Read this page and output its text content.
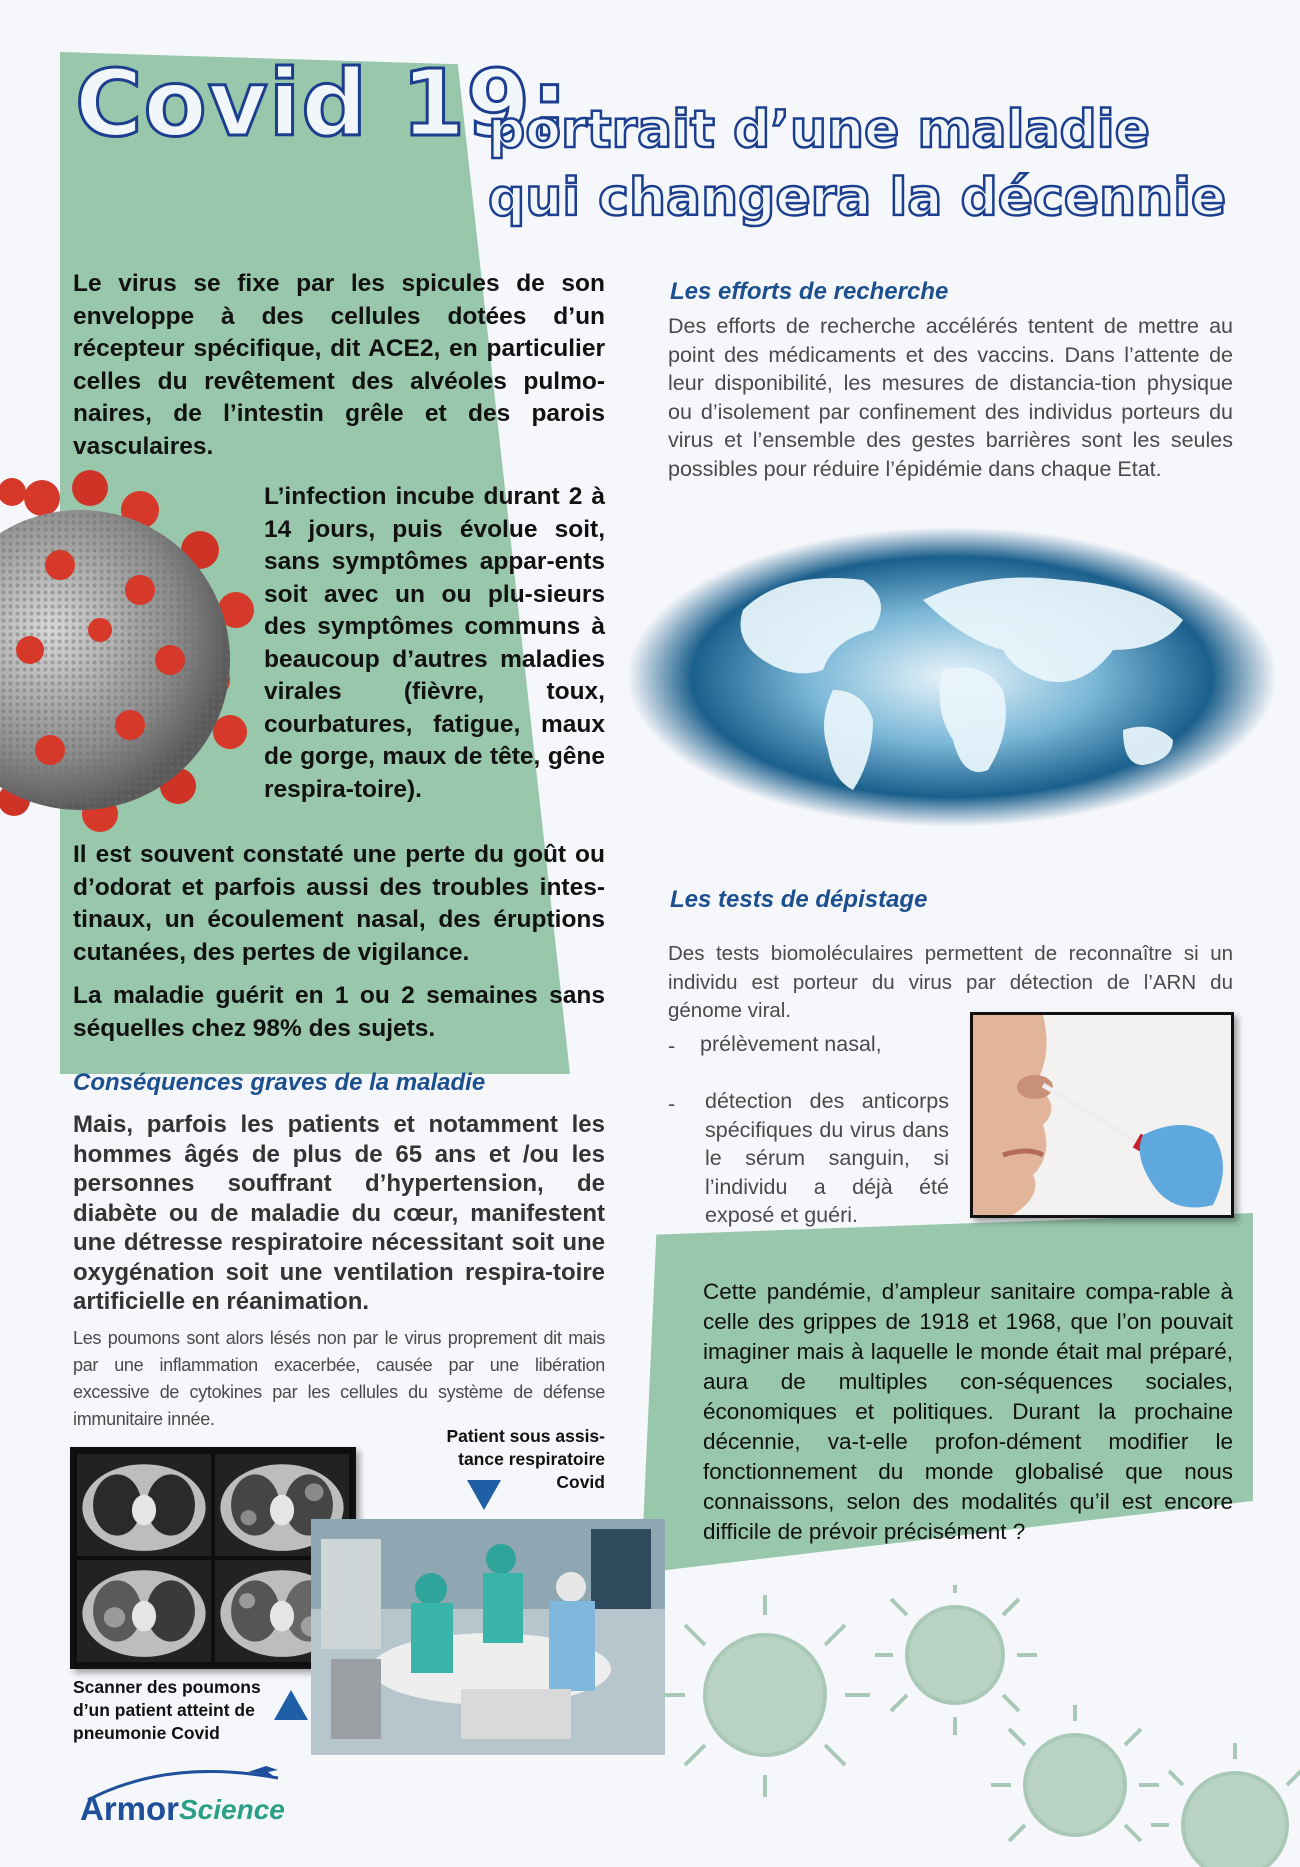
Covid 19:
portrait d’une maladie
qui changera la décennie

Le virus se fixe par les spicules de son enveloppe à des cellules dotées d’un récepteur spécifique, dit ACE2, en particulier celles du revêtement des alvéoles pulmo-naires, de l’intestin grêle et des parois vasculaires.

L’infection incube durant 2 à 14 jours, puis évolue soit, sans symptômes appar-ents soit avec un ou plu-sieurs des symptômes communs à beaucoup d’autres maladies virales (fièvre, toux, courbatures, fatigue, maux de gorge, maux de tête, gêne respira-toire).

Il est souvent constaté une perte du goût ou d’odorat et parfois aussi des troubles intes-tinaux, un écoulement nasal, des éruptions cutanées, des pertes de vigilance.

La maladie guérit en 1 ou 2 semaines sans séquelles chez 98% des sujets.

Conséquences graves de la maladie

Mais, parfois les patients et notamment les hommes âgés de plus de 65 ans et /ou les personnes souffrant d’hypertension, de diabète ou de maladie du cœur, manifestent une détresse respiratoire nécessitant soit une oxygénation soit une ventilation respira-toire artificielle en réanimation.

Les poumons sont alors lésés non par le virus proprement dit mais par une inflammation exacerbée, causée par une libération excessive de cytokines par les cellules du système de défense immunitaire innée.

Patient sous assis-tance respiratoire Covid
Scanner des poumons d’un patient atteint de pneumonie Covid
Armor Science

Les efforts de recherche

Des efforts de recherche accélérés tentent de mettre au point des médicaments et des vaccins. Dans l’attente de leur disponibilité, les mesures de distancia-tion physique ou d’isolement par confinement des individus porteurs du virus et l’ensemble des gestes barrières sont les seules possibles pour réduire l’épidémie dans chaque Etat.

Les tests de dépistage

Des tests biomoléculaires permettent de reconnaître si un individu est porteur du virus par détection de l’ARN du génome viral.

- prélèvement nasal,

- détection des anticorps spécifiques du virus dans le sérum sanguin, si l’individu a déjà été exposé et guéri.

Cette pandémie, d’ampleur sanitaire compa-rable à celle des grippes de 1918 et 1968, que l’on pouvait imaginer mais à laquelle le monde était mal préparé, aura de multiples con-séquences sociales, économiques et politiques. Durant la prochaine décennie, va-t-elle profon-dément modifier le fonctionnement du monde globalisé que nous connaissons, selon des modalités qu’il est encore difficile de prévoir précisément ?
